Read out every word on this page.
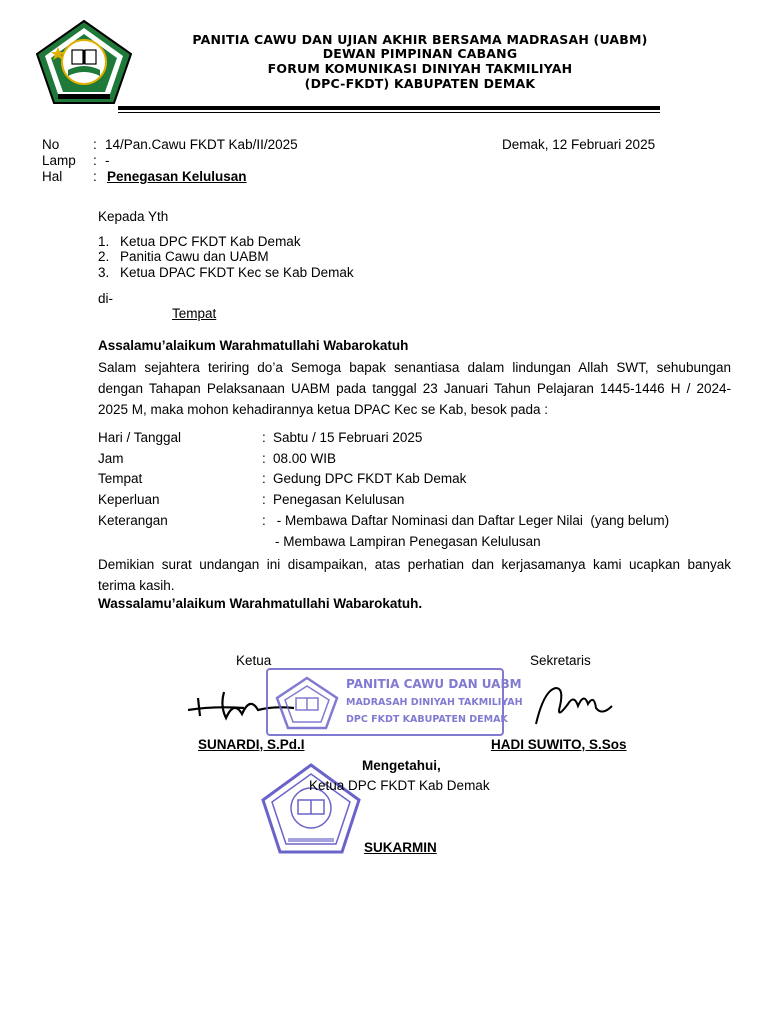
PANITIA CAWU DAN UJIAN AKHIR BERSAMA MADRASAH (UABM)
DEWAN PIMPINAN CABANG
FORUM KOMUNIKASI DINIYAH TAKMILIYAH
(DPC-FKDT) KABUPATEN DEMAK
No : 14/Pan.Cawu FKDT Kab/II/2025	Demak, 12 Februari 2025
Lamp : -
Hal : Penegasan Kelulusan
Kepada Yth
1. Ketua DPC FKDT Kab Demak
2. Panitia Cawu dan UABM
3. Ketua DPAC FKDT Kec se Kab Demak
di-
Tempat
Assalamu’alaikum Warahmatullahi Wabarokatuh
Salam sejahtera teriring do’a Semoga bapak senantiasa dalam lindungan Allah SWT, sehubungan
dengan Tahapan Pelaksanaan UABM pada tanggal 23 Januari Tahun Pelajaran 1445-1446 H / 2024-
2025 M, maka mohon kehadirannya ketua DPAC Kec se Kab, besok pada :
Hari / Tanggal	: Sabtu / 15 Februari 2025
Jam	: 08.00 WIB
Tempat	: Gedung DPC FKDT Kab Demak
Keperluan	: Penegasan Kelulusan
Keterangan	: - Membawa Daftar Nominasi dan Daftar Leger Nilai  (yang belum)
- Membawa Lampiran Penegasan Kelulusan
Demikian surat undangan ini disampaikan, atas perhatian dan kerjasamanya kami ucapkan banyak
terima kasih.
Wassalamu’alaikum Warahmatullahi Wabarokatuh.
Ketua	Sekretaris
PANITIA CAWU DAN UABM
MADRASAH DINIYAH TAKMILIYAH
DPC FKDT KABUPATEN DEMAK
SUNARDI, S.Pd.I	HADI SUWITO, S.Sos
Mengetahui,
Ketua DPC FKDT Kab Demak
SUKARMIN
